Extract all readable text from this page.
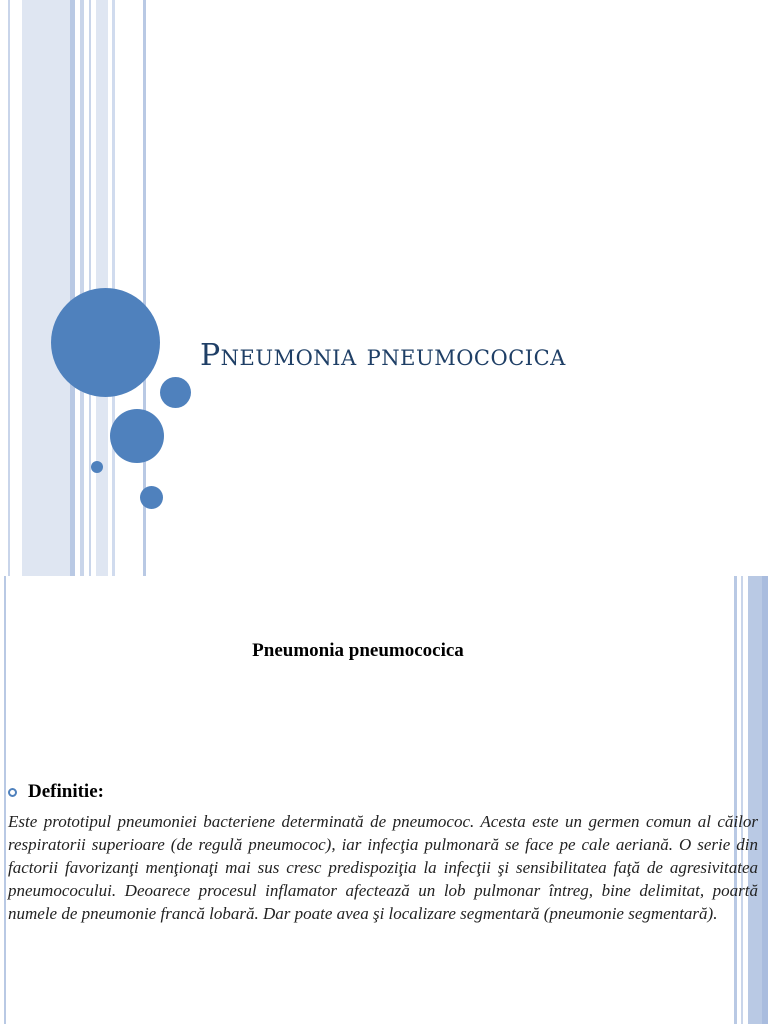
Pneumonia pneumococica
Pneumonia pneumococica
Definitie:
Este prototipul pneumoniei bacteriene determinată de pneumococ. Acesta este un germen comun al căilor respiratorii superioare (de regulă pneumococ), iar infecţia pulmonară se face pe cale aeriană. O serie din factorii favorizanţi menţionaţi mai sus cresc predispoziţia la infecţii şi sensibilitatea faţă de agresivitatea pneumococului. Deoarece procesul inflamator afectează un lob pulmonar întreg, bine delimitat, poartă numele de pneumonie francă lobară. Dar poate avea şi localizare segmentară (pneumonie segmentară).
